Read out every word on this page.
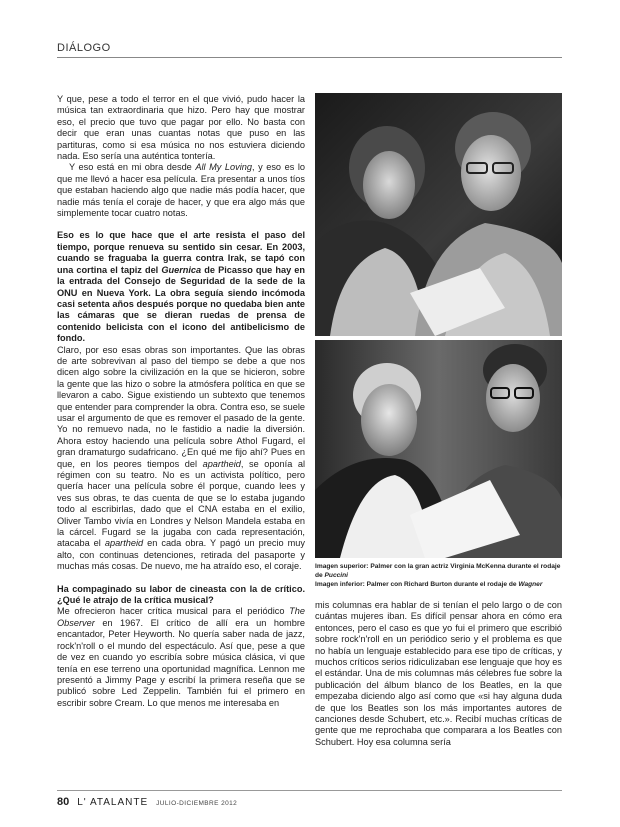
DIÁLOGO

Y que, pese a todo el terror en el que vivió, pudo hacer la música tan extraordinaria que hizo. Pero hay que mostrar eso, el precio que tuvo que pagar por ello. No basta con decir que eran unas cuantas notas que puso en las partituras, como si esa música no nos estuviera diciendo nada. Eso sería una auténtica tontería.

Y eso está en mi obra desde All My Loving, y eso es lo que me llevó a hacer esa película. Era presentar a unos tíos que estaban haciendo algo que nadie más podía hacer, que nadie más tenía el coraje de hacer, y que era algo más que simplemente tocar cuatro notas.

Eso es lo que hace que el arte resista el paso del tiempo, porque renueva su sentido sin cesar. En 2003, cuando se fraguaba la guerra contra Irak, se tapó con una cortina el tapiz del Guernica de Picasso que hay en la entrada del Consejo de Seguridad de la sede de la ONU en Nueva York. La obra seguía siendo incómoda casi setenta años después porque no quedaba bien ante las cámaras que se dieran ruedas de prensa de contenido belicista con el icono del antibelicismo de fondo.

Claro, por eso esas obras son importantes. Que las obras de arte sobrevivan al paso del tiempo se debe a que nos dicen algo sobre la civilización en la que se hicieron, sobre la gente que las hizo o sobre la atmósfera política en que se llevaron a cabo. Sigue existiendo un subtexto que tenemos que entender para comprender la obra. Contra eso, se suele usar el argumento de que es remover el pasado de la gente. Yo no remuevo nada, no le fastidio a nadie la diversión. Ahora estoy haciendo una película sobre Athol Fugard, el gran dramaturgo sudafricano. ¿En qué me fijo ahí? Pues en que, en los peores tiempos del apartheid, se oponía al régimen con su teatro. No es un activista político, pero quería hacer una película sobre él porque, cuando lees y ves sus obras, te das cuenta de que se lo estaba jugando todo al escribirlas, dado que el CNA estaba en el exilio, Oliver Tambo vivía en Londres y Nelson Mandela estaba en la cárcel. Fugard se la jugaba con cada representación, atacaba el apartheid en cada obra. Y pagó un precio muy alto, con continuas detenciones, retirada del pasaporte y muchas más cosas. De nuevo, me ha atraído eso, el coraje.

Ha compaginado su labor de cineasta con la de crítico. ¿Qué le atrajo de la crítica musical?

Me ofrecieron hacer crítica musical para el periódico The Observer en 1967. El crítico de allí era un hombre encantador, Peter Heyworth. No quería saber nada de jazz, rock'n'roll o el mundo del espectáculo. Así que, pese a que de vez en cuando yo escribía sobre música clásica, vi que tenía en ese terreno una oportunidad magnífica. Lennon me presentó a Jimmy Page y escribí la primera reseña que se publicó sobre Led Zeppelin. También fui el primero en escribir sobre Cream. Lo que menos me interesaba en

Imagen superior: Palmer con la gran actriz Virginia McKenna durante el rodaje de Puccini

Imagen inferior: Palmer con Richard Burton durante el rodaje de Wagner

mis columnas era hablar de si tenían el pelo largo o de con cuántas mujeres iban. Es difícil pensar ahora en cómo era entonces, pero el caso es que yo fui el primero que escribió sobre rock'n'roll en un periódico serio y el problema es que no había un lenguaje establecido para ese tipo de críticas, y muchos críticos serios ridiculizaban ese lenguaje que hoy es el estándar. Una de mis columnas más célebres fue sobre la publicación del álbum blanco de los Beatles, en la que empezaba diciendo algo así como que «si hay alguna duda de que los Beatles son los más importantes autores de canciones desde Schubert, etc.». Recibí muchas críticas de gente que me reprochaba que comparara a los Beatles con Schubert. Hoy esa columna sería

80 L' ATALANTE JULIO-DICIEMBRE 2012
